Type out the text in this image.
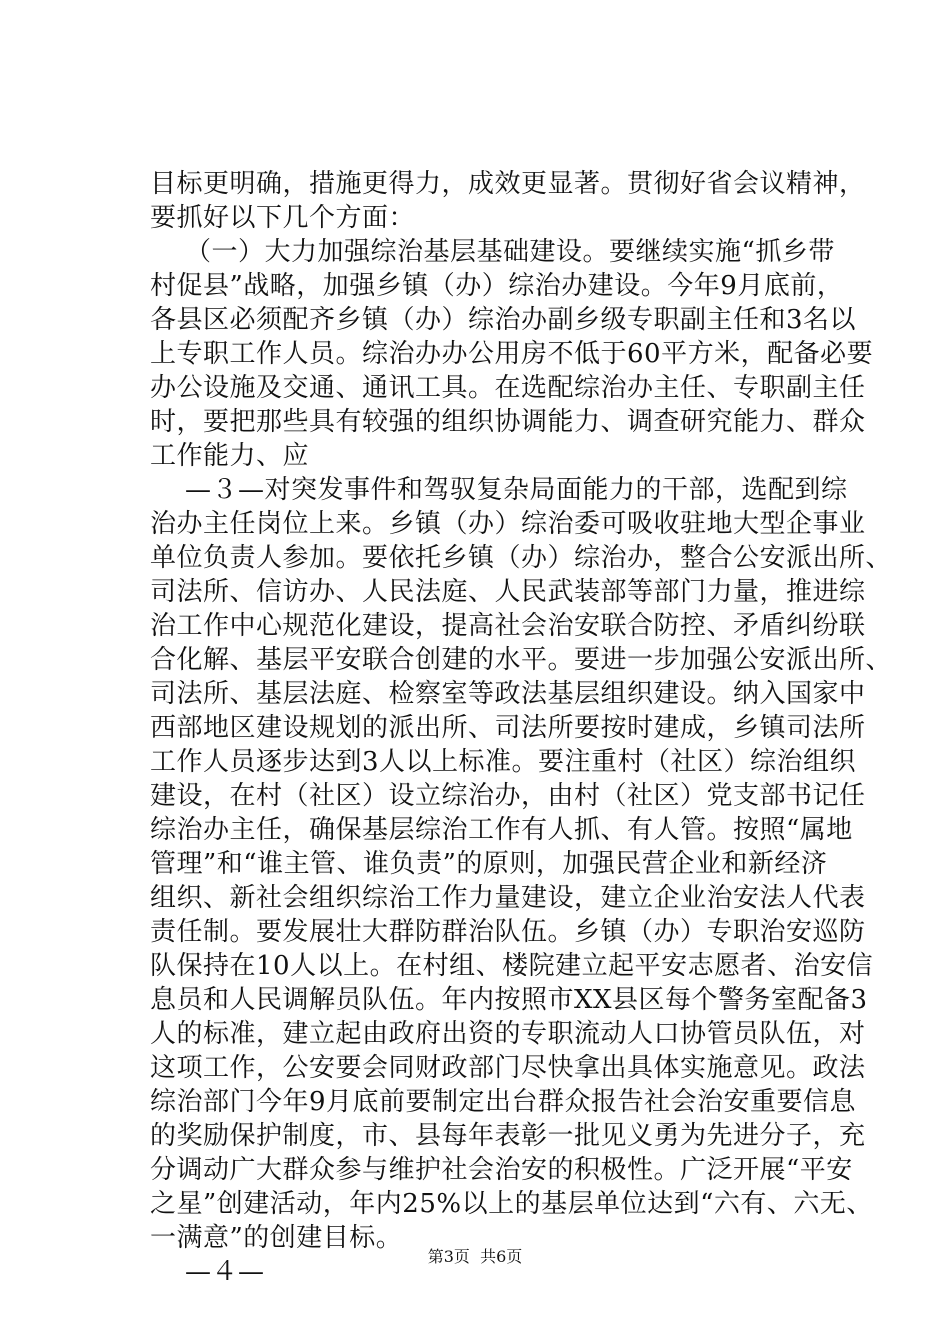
目标更明确，措施更得力，成效更显著。贯彻好省会议精神，
要抓好以下几个方面：
（一）大力加强综治基层基础建设。要继续实施“抓乡带
村促县”战略，加强乡镇（办）综治办建设。今年9月底前，
各县区必须配齐乡镇（办）综治办副乡级专职副主任和3名以
上专职工作人员。综治办办公用房不低于60平方米，配备必要
办公设施及交通、通讯工具。在选配综治办主任、专职副主任
时，要把那些具有较强的组织协调能力、调查研究能力、群众
工作能力、应
—３—对突发事件和驾驭复杂局面能力的干部，选配到综
治办主任岗位上来。乡镇（办）综治委可吸收驻地大型企事业
单位负责人参加。要依托乡镇（办）综治办，整合公安派出所、
司法所、信访办、人民法庭、人民武装部等部门力量，推进综
治工作中心规范化建设，提高社会治安联合防控、矛盾纠纷联
合化解、基层平安联合创建的水平。要进一步加强公安派出所、
司法所、基层法庭、检察室等政法基层组织建设。纳入国家中
西部地区建设规划的派出所、司法所要按时建成，乡镇司法所
工作人员逐步达到3人以上标准。要注重村（社区）综治组织
建设，在村（社区）设立综治办，由村（社区）党支部书记任
综治办主任，确保基层综治工作有人抓、有人管。按照“属地
管理”和“谁主管、谁负责”的原则，加强民营企业和新经济
组织、新社会组织综治工作力量建设，建立企业治安法人代表
责任制。要发展壮大群防群治队伍。乡镇（办）专职治安巡防
队保持在10人以上。在村组、楼院建立起平安志愿者、治安信
息员和人民调解员队伍。年内按照市XX县区每个警务室配备3
人的标准，建立起由政府出资的专职流动人口协管员队伍，对
这项工作，公安要会同财政部门尽快拿出具体实施意见。政法
综治部门今年9月底前要制定出台群众报告社会治安重要信息
的奖励保护制度，市、县每年表彰一批见义勇为先进分子，充
分调动广大群众参与维护社会治安的积极性。广泛开展“平安
之星”创建活动，年内25%以上的基层单位达到“六有、六无、
一满意”的创建目标。
—４—
第3页  共6页
